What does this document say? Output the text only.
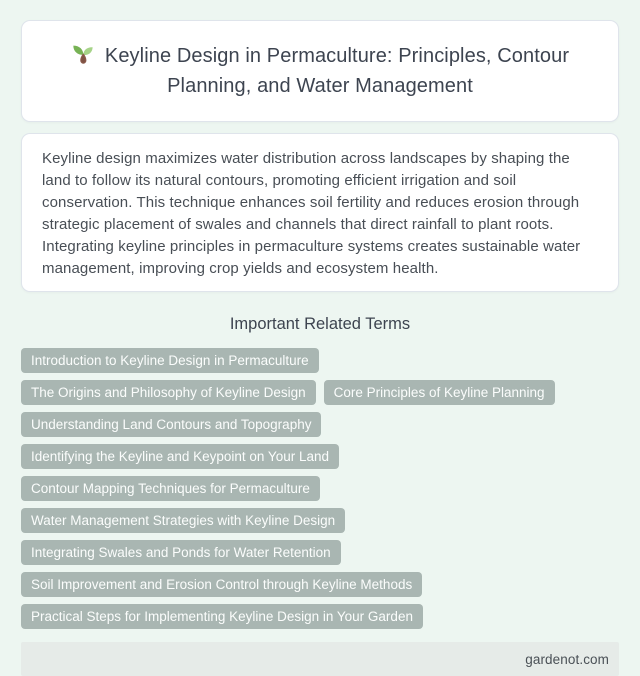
Keyline Design in Permaculture: Principles, Contour Planning, and Water Management

Keyline design maximizes water distribution across landscapes by shaping the land to follow its natural contours, promoting efficient irrigation and soil conservation. This technique enhances soil fertility and reduces erosion through strategic placement of swales and channels that direct rainfall to plant roots. Integrating keyline principles in permaculture systems creates sustainable water management, improving crop yields and ecosystem health.

Important Related Terms
Introduction to Keyline Design in Permaculture
The Origins and Philosophy of Keyline Design	Core Principles of Keyline Planning
Understanding Land Contours and Topography
Identifying the Keyline and Keypoint on Your Land
Contour Mapping Techniques for Permaculture
Water Management Strategies with Keyline Design
Integrating Swales and Ponds for Water Retention
Soil Improvement and Erosion Control through Keyline Methods
Practical Steps for Implementing Keyline Design in Your Garden
gardenot.com
